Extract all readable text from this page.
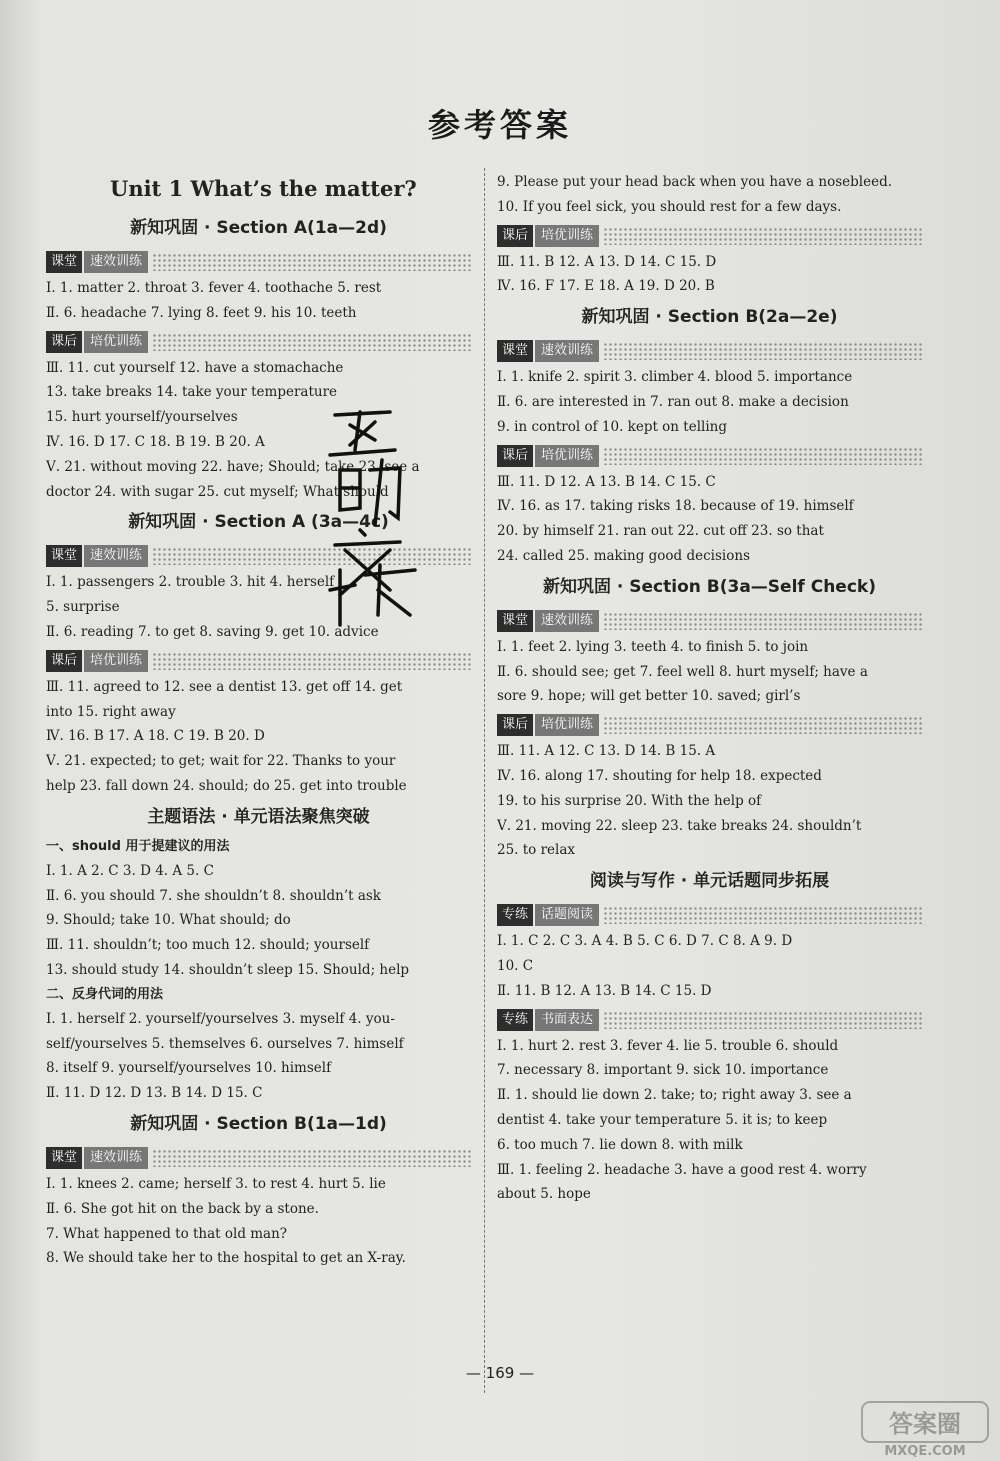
参考答案
Unit 1 What’s the matter?
新知巩固 · Section A(1a—2d)
课堂	速效训练
Ⅰ. 1. matter 2. throat 3. fever 4. toothache 5. rest
Ⅱ. 6. headache 7. lying 8. feet 9. his 10. teeth
课后	培优训练
Ⅲ. 11. cut yourself 12. have a stomachache
13. take breaks 14. take your temperature
15. hurt yourself/yourselves
Ⅳ. 16. D 17. C 18. B 19. B 20. A
Ⅴ. 21. without moving 22. have; Should; take 23. see a
doctor 24. with sugar 25. cut myself; What should
新知巩固 · Section A (3a—4c)
课堂	速效训练
Ⅰ. 1. passengers 2. trouble 3. hit 4. herself
5. surprise
Ⅱ. 6. reading 7. to get 8. saving 9. get 10. advice
课后	培优训练
Ⅲ. 11. agreed to 12. see a dentist 13. get off 14. get
into 15. right away
Ⅳ. 16. B 17. A 18. C 19. B 20. D
Ⅴ. 21. expected; to get; wait for 22. Thanks to your
help 23. fall down 24. should; do 25. get into trouble
主题语法 · 单元语法聚焦突破
一、should 用于提建议的用法
Ⅰ. 1. A 2. C 3. D 4. A 5. C
Ⅱ. 6. you should 7. she shouldn’t 8. shouldn’t ask
9. Should; take 10. What should; do
Ⅲ. 11. shouldn’t; too much 12. should; yourself
13. should study 14. shouldn’t sleep 15. Should; help
二、反身代词的用法
Ⅰ. 1. herself 2. yourself/yourselves 3. myself 4. you-
self/yourselves 5. themselves 6. ourselves 7. himself
8. itself 9. yourself/yourselves 10. himself
Ⅱ. 11. D 12. D 13. B 14. D 15. C
新知巩固 · Section B(1a—1d)
课堂	速效训练
Ⅰ. 1. knees 2. came; herself 3. to rest 4. hurt 5. lie
Ⅱ. 6. She got hit on the back by a stone.
7. What happened to that old man?
8. We should take her to the hospital to get an X-ray.
9. Please put your head back when you have a nosebleed.
10. If you feel sick, you should rest for a few days.
课后	培优训练
Ⅲ. 11. B 12. A 13. D 14. C 15. D
Ⅳ. 16. F 17. E 18. A 19. D 20. B
新知巩固 · Section B(2a—2e)
课堂	速效训练
Ⅰ. 1. knife 2. spirit 3. climber 4. blood 5. importance
Ⅱ. 6. are interested in 7. ran out 8. make a decision
9. in control of 10. kept on telling
课后	培优训练
Ⅲ. 11. D 12. A 13. B 14. C 15. C
Ⅳ. 16. as 17. taking risks 18. because of 19. himself
20. by himself 21. ran out 22. cut off 23. so that
24. called 25. making good decisions
新知巩固 · Section B(3a—Self Check)
课堂	速效训练
Ⅰ. 1. feet 2. lying 3. teeth 4. to finish 5. to join
Ⅱ. 6. should see; get 7. feel well 8. hurt myself; have a
sore 9. hope; will get better 10. saved; girl’s
课后	培优训练
Ⅲ. 11. A 12. C 13. D 14. B 15. A
Ⅳ. 16. along 17. shouting for help 18. expected
19. to his surprise 20. With the help of
Ⅴ. 21. moving 22. sleep 23. take breaks 24. shouldn’t
25. to relax
阅读与写作 · 单元话题同步拓展
专练	话题阅读
Ⅰ. 1. C 2. C 3. A 4. B 5. C 6. D 7. C 8. A 9. D
10. C
Ⅱ. 11. B 12. A 13. B 14. C 15. D
专练	书面表达
Ⅰ. 1. hurt 2. rest 3. fever 4. lie 5. trouble 6. should
7. necessary 8. important 9. sick 10. importance
Ⅱ. 1. should lie down 2. take; to; right away 3. see a
dentist 4. take your temperature 5. it is; to keep
6. too much 7. lie down 8. with milk
Ⅲ. 1. feeling 2. headache 3. have a good rest 4. worry
about 5. hope
— 169 —
答案圈
MXQE.COM
